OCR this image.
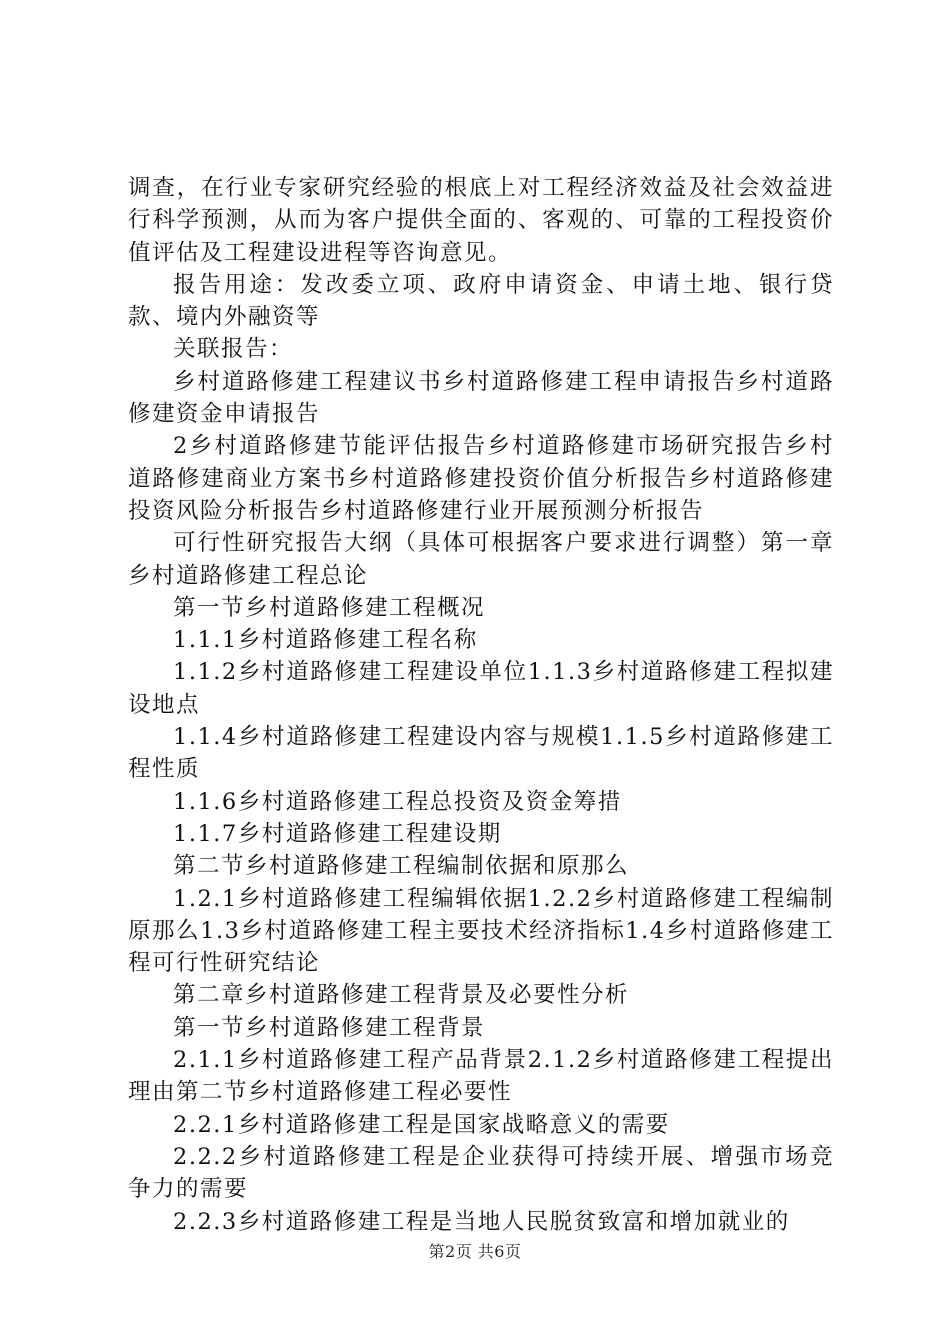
调查，在行业专家研究经验的根底上对工程经济效益及社会效益进行科学预测，从而为客户提供全面的、客观的、可靠的工程投资价值评估及工程建设进程等咨询意见。

报告用途：发改委立项、政府申请资金、申请土地、银行贷款、境内外融资等

关联报告：

乡村道路修建工程建议书乡村道路修建工程申请报告乡村道路修建资金申请报告

2乡村道路修建节能评估报告乡村道路修建市场研究报告乡村道路修建商业方案书乡村道路修建投资价值分析报告乡村道路修建投资风险分析报告乡村道路修建行业开展预测分析报告

可行性研究报告大纲（具体可根据客户要求进行调整）第一章乡村道路修建工程总论

第一节乡村道路修建工程概况

1.1.1乡村道路修建工程名称

1.1.2乡村道路修建工程建设单位1.1.3乡村道路修建工程拟建设地点

1.1.4乡村道路修建工程建设内容与规模1.1.5乡村道路修建工程性质

1.1.6乡村道路修建工程总投资及资金筹措

1.1.7乡村道路修建工程建设期

第二节乡村道路修建工程编制依据和原那么

1.2.1乡村道路修建工程编辑依据1.2.2乡村道路修建工程编制原那么1.3乡村道路修建工程主要技术经济指标1.4乡村道路修建工程可行性研究结论

第二章乡村道路修建工程背景及必要性分析

第一节乡村道路修建工程背景

2.1.1乡村道路修建工程产品背景2.1.2乡村道路修建工程提出理由第二节乡村道路修建工程必要性

2.2.1乡村道路修建工程是国家战略意义的需要

2.2.2乡村道路修建工程是企业获得可持续开展、增强市场竞争力的需要

2.2.3乡村道路修建工程是当地人民脱贫致富和增加就业的

第2页 共6页
